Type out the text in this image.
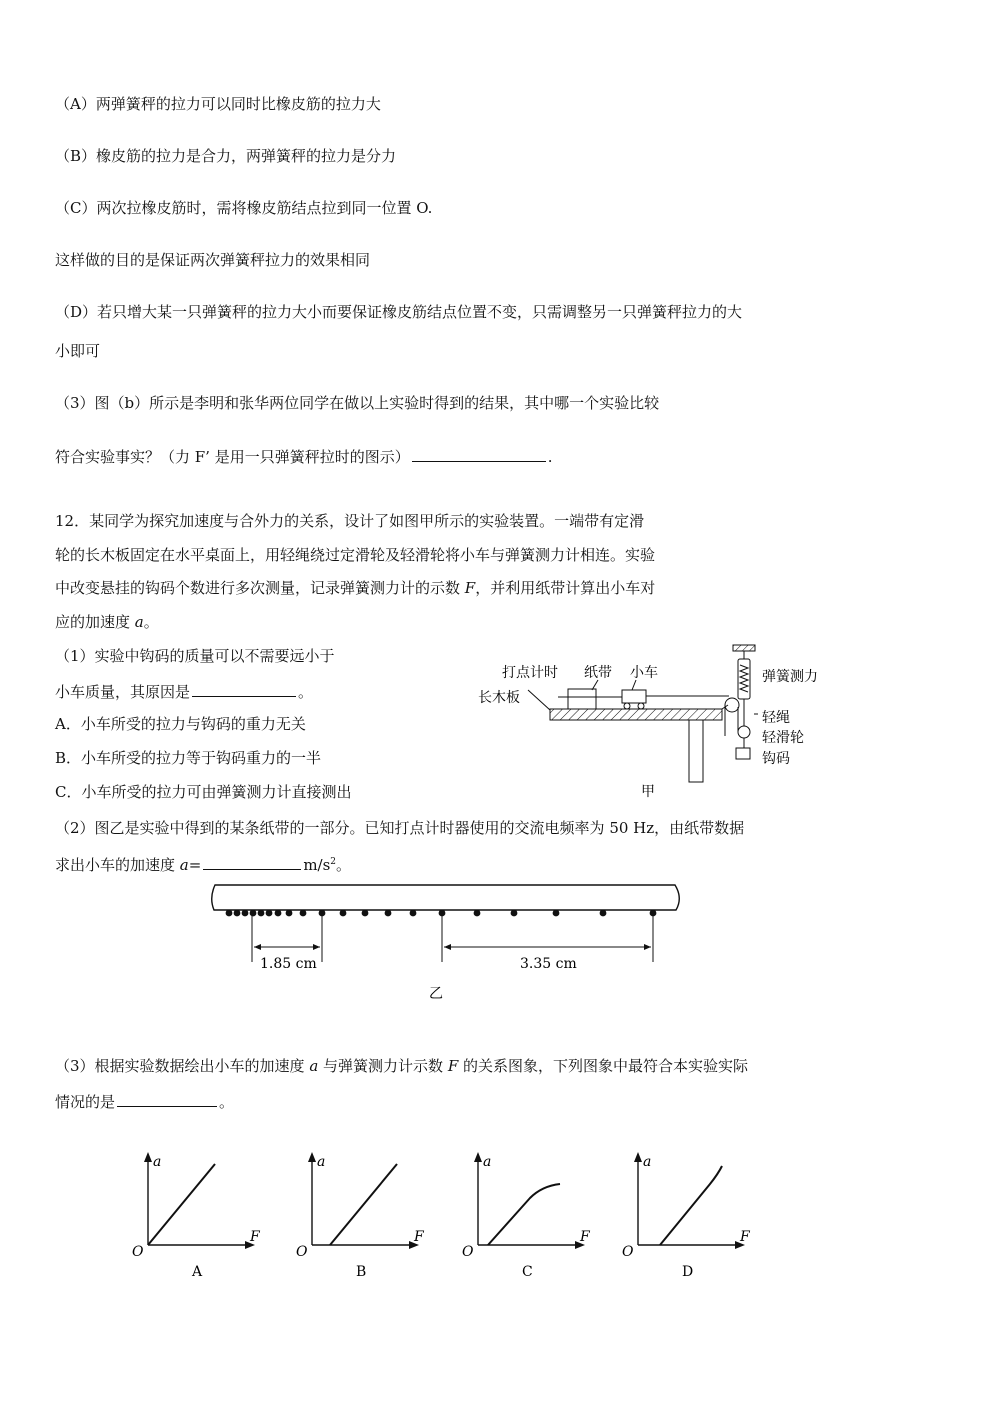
（A）两弹簧秤的拉力可以同时比橡皮筋的拉力大
（B）橡皮筋的拉力是合力，两弹簧秤的拉力是分力
（C）两次拉橡皮筋时，需将橡皮筋结点拉到同一位置 O.
这样做的目的是保证两次弹簧秤拉力的效果相同
（D）若只增大某一只弹簧秤的拉力大小而要保证橡皮筋结点位置不变，只需调整另一只弹簧秤拉力的大
小即可
（3）图（b）所示是李明和张华两位同学在做以上实验时得到的结果，其中哪一个实验比较
符合实验事实？（力 F’ 是用一只弹簧秤拉时的图示）	.
12．某同学为探究加速度与合外力的关系，设计了如图甲所示的实验装置。一端带有定滑
轮的长木板固定在水平桌面上，用轻绳绕过定滑轮及轻滑轮将小车与弹簧测力计相连。实验
中改变悬挂的钩码个数进行多次测量，记录弹簧测力计的示数 F，并利用纸带计算出小车对
应的加速度 a。
（1）实验中钩码的质量可以不需要远小于
小车质量，其原因是	。
A．小车所受的拉力与钩码的重力无关
B．小车所受的拉力等于钩码重力的一半
C．小车所受的拉力可由弹簧测力计直接测出
（2）图乙是实验中得到的某条纸带的一部分。已知打点计时器使用的交流电频率为 50 Hz，由纸带数据
求出小车的加速度 a=	$m/s^2$。
（3）根据实验数据绘出小车的加速度 a 与弹簧测力计示数 F 的关系图象，下列图象中最符合本实验实际
情况的是	。
打点计时 纸带 小车
长木板
弹簧测力
轻绳
轻滑轮
钩码
甲
1.85 cm	3.35 cm
乙
a
F
O
A
a
F
O
B
a
F
O
C
a
F
O
D
